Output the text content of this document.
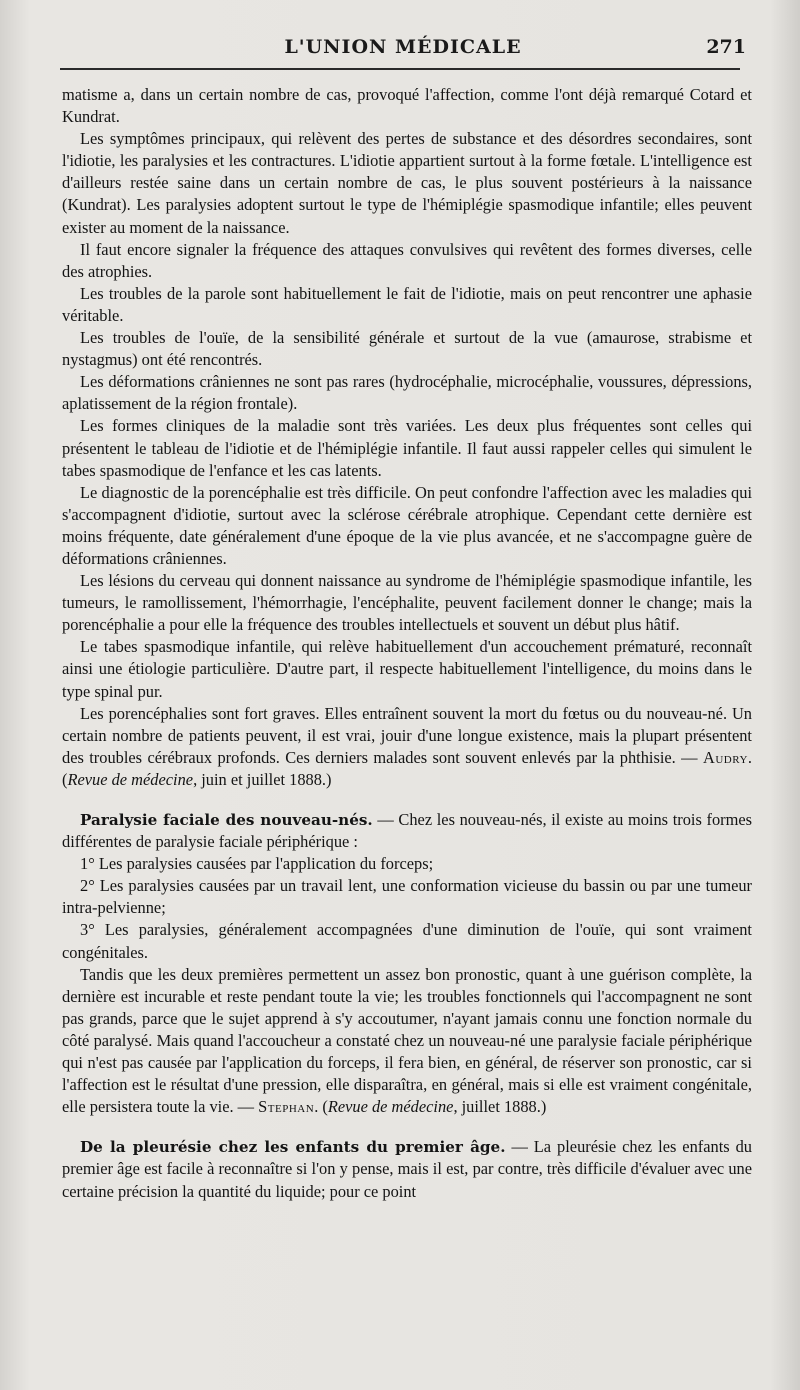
L'UNION MÉDICALE	271

matisme a, dans un certain nombre de cas, provoqué l'affection, comme l'ont déjà remarqué Cotard et Kundrat.

Les symptômes principaux, qui relèvent des pertes de substance et des désordres secondaires, sont l'idiotie, les paralysies et les contractures. L'idiotie appartient surtout à la forme fœtale. L'intelligence est d'ailleurs restée saine dans un certain nombre de cas, le plus souvent postérieurs à la naissance (Kundrat). Les paralysies adoptent surtout le type de l'hémiplégie spasmodique infantile; elles peuvent exister au moment de la naissance.

Il faut encore signaler la fréquence des attaques convulsives qui revêtent des formes diverses, celle des atrophies.

Les troubles de la parole sont habituellement le fait de l'idiotie, mais on peut rencontrer une aphasie véritable.

Les troubles de l'ouïe, de la sensibilité générale et surtout de la vue (amaurose, strabisme et nystagmus) ont été rencontrés.

Les déformations crâniennes ne sont pas rares (hydrocéphalie, microcéphalie, voussures, dépressions, aplatissement de la région frontale).

Les formes cliniques de la maladie sont très variées. Les deux plus fréquentes sont celles qui présentent le tableau de l'idiotie et de l'hémiplégie infantile. Il faut aussi rappeler celles qui simulent le tabes spasmodique de l'enfance et les cas latents.

Le diagnostic de la porencéphalie est très difficile. On peut confondre l'affection avec les maladies qui s'accompagnent d'idiotie, surtout avec la sclérose cérébrale atrophique. Cependant cette dernière est moins fréquente, date généralement d'une époque de la vie plus avancée, et ne s'accompagne guère de déformations crâniennes.

Les lésions du cerveau qui donnent naissance au syndrome de l'hémiplégie spasmodique infantile, les tumeurs, le ramollissement, l'hémorrhagie, l'encéphalite, peuvent facilement donner le change; mais la porencéphalie a pour elle la fréquence des troubles intellectuels et souvent un début plus hâtif.

Le tabes spasmodique infantile, qui relève habituellement d'un accouchement prématuré, reconnaît ainsi une étiologie particulière. D'autre part, il respecte habituellement l'intelligence, du moins dans le type spinal pur.

Les porencéphalies sont fort graves. Elles entraînent souvent la mort du fœtus ou du nouveau-né. Un certain nombre de patients peuvent, il est vrai, jouir d'une longue existence, mais la plupart présentent des troubles cérébraux profonds. Ces derniers malades sont souvent enlevés par la phthisie. — Audry. (Revue de médecine, juin et juillet 1888.)

Paralysie faciale des nouveau-nés. — Chez les nouveau-nés, il existe au moins trois formes différentes de paralysie faciale périphérique :

1° Les paralysies causées par l'application du forceps;

2° Les paralysies causées par un travail lent, une conformation vicieuse du bassin ou par une tumeur intra-pelvienne;

3° Les paralysies, généralement accompagnées d'une diminution de l'ouïe, qui sont vraiment congénitales.

Tandis que les deux premières permettent un assez bon pronostic, quant à une guérison complète, la dernière est incurable et reste pendant toute la vie; les troubles fonctionnels qui l'accompagnent ne sont pas grands, parce que le sujet apprend à s'y accoutumer, n'ayant jamais connu une fonction normale du côté paralysé. Mais quand l'accoucheur a constaté chez un nouveau-né une paralysie faciale périphérique qui n'est pas causée par l'application du forceps, il fera bien, en général, de réserver son pronostic, car si l'affection est le résultat d'une pression, elle disparaîtra, en général, mais si elle est vraiment congénitale, elle persistera toute la vie. — Stephan. (Revue de médecine, juillet 1888.)

De la pleurésie chez les enfants du premier âge. — La pleurésie chez les enfants du premier âge est facile à reconnaître si l'on y pense, mais il est, par contre, très difficile d'évaluer avec une certaine précision la quantité du liquide; pour ce point
